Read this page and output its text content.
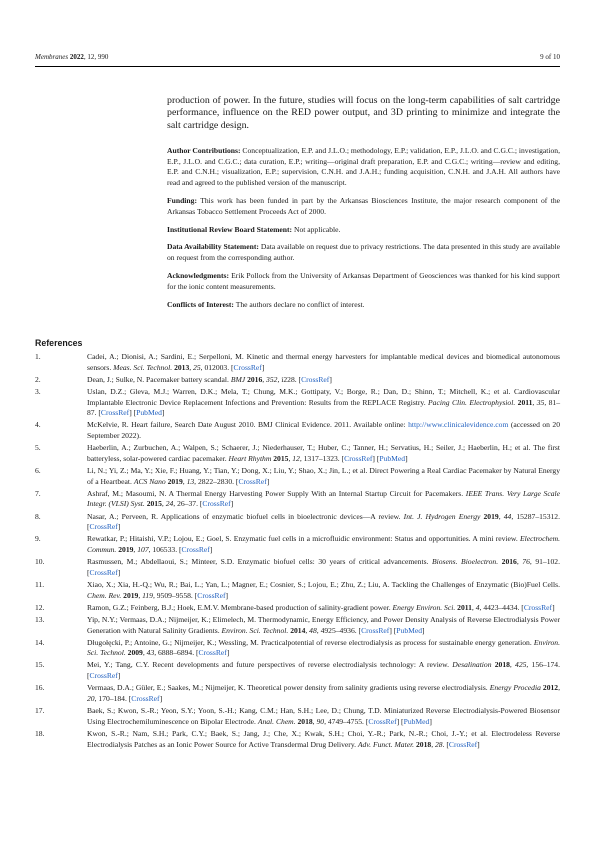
Membranes 2022, 12, 990	9 of 10

production of power. In the future, studies will focus on the long-term capabilities of salt cartridge performance, influence on the RED power output, and 3D printing to minimize and integrate the salt cartridge design.

Author Contributions: Conceptualization, E.P. and J.L.O.; methodology, E.P.; validation, E.P., J.L.O. and C.G.C.; investigation, E.P., J.L.O. and C.G.C.; data curation, E.P.; writing—original draft preparation, E.P. and C.G.C.; writing—review and editing, E.P. and C.N.H.; visualization, E.P.; supervision, C.N.H. and J.A.H.; funding acquisition, C.N.H. and J.A.H. All authors have read and agreed to the published version of the manuscript.

Funding: This work has been funded in part by the Arkansas Biosciences Institute, the major research component of the Arkansas Tobacco Settlement Proceeds Act of 2000.

Institutional Review Board Statement: Not applicable.

Data Availability Statement: Data available on request due to privacy restrictions. The data presented in this study are available on request from the corresponding author.

Acknowledgments: Erik Pollock from the University of Arkansas Department of Geosciences was thanked for his kind support for the ionic content measurements.

Conflicts of Interest: The authors declare no conflict of interest.

References
1.	Cadei, A.; Dionisi, A.; Sardini, E.; Serpelloni, M. Kinetic and thermal energy harvesters for implantable medical devices and biomedical autonomous sensors. Meas. Sci. Technol. 2013, 25, 012003. [CrossRef]
2.	Dean, J.; Sulke, N. Pacemaker battery scandal. BMJ 2016, 352, i228. [CrossRef]
3.	Uslan, D.Z.; Gleva, M.J.; Warren, D.K.; Mela, T.; Chung, M.K.; Gottipaty, V.; Borge, R.; Dan, D.; Shinn, T.; Mitchell, K.; et al. Cardiovascular Implantable Electronic Device Replacement Infections and Prevention: Results from the REPLACE Registry. Pacing Clin. Electrophysiol. 2011, 35, 81–87. [CrossRef] [PubMed]
4.	McKelvie, R. Heart failure, Search Date August 2010. BMJ Clinical Evidence. 2011. Available online: http://www.clinicalevidence.com (accessed on 20 September 2022).
5.	Haeberlin, A.; Zurbuchen, A.; Walpen, S.; Schaerer, J.; Niederhauser, T.; Huber, C.; Tanner, H.; Servatius, H.; Seiler, J.; Haeberlin, H.; et al. The first batteryless, solar-powered cardiac pacemaker. Heart Rhythm 2015, 12, 1317–1323. [CrossRef] [PubMed]
6.	Li, N.; Yi, Z.; Ma, Y.; Xie, F.; Huang, Y.; Tian, Y.; Dong, X.; Liu, Y.; Shao, X.; Jin, L.; et al. Direct Powering a Real Cardiac Pacemaker by Natural Energy of a Heartbeat. ACS Nano 2019, 13, 2822–2830. [CrossRef]
7.	Ashraf, M.; Masoumi, N. A Thermal Energy Harvesting Power Supply With an Internal Startup Circuit for Pacemakers. IEEE Trans. Very Large Scale Integr. (VLSI) Syst. 2015, 24, 26–37. [CrossRef]
8.	Nasar, A.; Perveen, R. Applications of enzymatic biofuel cells in bioelectronic devices—A review. Int. J. Hydrogen Energy 2019, 44, 15287–15312. [CrossRef]
9.	Rewatkar, P.; Hitaishi, V.P.; Lojou, E.; Goel, S. Enzymatic fuel cells in a microfluidic environment: Status and opportunities. A mini review. Electrochem. Commun. 2019, 107, 106533. [CrossRef]
10.	Rasmussen, M.; Abdellaoui, S.; Minteer, S.D. Enzymatic biofuel cells: 30 years of critical advancements. Biosens. Bioelectron. 2016, 76, 91–102. [CrossRef]
11.	Xiao, X.; Xia, H.-Q.; Wu, R.; Bai, L.; Yan, L.; Magner, E.; Cosnier, S.; Lojou, E.; Zhu, Z.; Liu, A. Tackling the Challenges of Enzymatic (Bio)Fuel Cells. Chem. Rev. 2019, 119, 9509–9558. [CrossRef]
12.	Ramon, G.Z.; Feinberg, B.J.; Hoek, E.M.V. Membrane-based production of salinity-gradient power. Energy Environ. Sci. 2011, 4, 4423–4434. [CrossRef]
13.	Yip, N.Y.; Vermaas, D.A.; Nijmeijer, K.; Elimelech, M. Thermodynamic, Energy Efficiency, and Power Density Analysis of Reverse Electrodialysis Power Generation with Natural Salinity Gradients. Environ. Sci. Technol. 2014, 48, 4925–4936. [CrossRef] [PubMed]
14.	Długołęcki, P.; Antoine, G.; Nijmeijer, K.; Wessling, M. Practicalpotential of reverse electrodialysis as process for sustainable energy generation. Environ. Sci. Technol. 2009, 43, 6888–6894. [CrossRef]
15.	Mei, Y.; Tang, C.Y. Recent developments and future perspectives of reverse electrodialysis technology: A review. Desalination 2018, 425, 156–174. [CrossRef]
16.	Vermaas, D.A.; Güler, E.; Saakes, M.; Nijmeijer, K. Theoretical power density from salinity gradients using reverse electrodialysis. Energy Procedia 2012, 20, 170–184. [CrossRef]
17.	Baek, S.; Kwon, S.-R.; Yeon, S.Y.; Yoon, S.-H.; Kang, C.M.; Han, S.H.; Lee, D.; Chung, T.D. Miniaturized Reverse Electrodialysis-Powered Biosensor Using Electrochemiluminescence on Bipolar Electrode. Anal. Chem. 2018, 90, 4749–4755. [CrossRef] [PubMed]
18.	Kwon, S.-R.; Nam, S.H.; Park, C.Y.; Baek, S.; Jang, J.; Che, X.; Kwak, S.H.; Choi, Y.-R.; Park, N.-R.; Choi, J.-Y.; et al. Electrodeless Reverse Electrodialysis Patches as an Ionic Power Source for Active Transdermal Drug Delivery. Adv. Funct. Mater. 2018, 28. [CrossRef]
